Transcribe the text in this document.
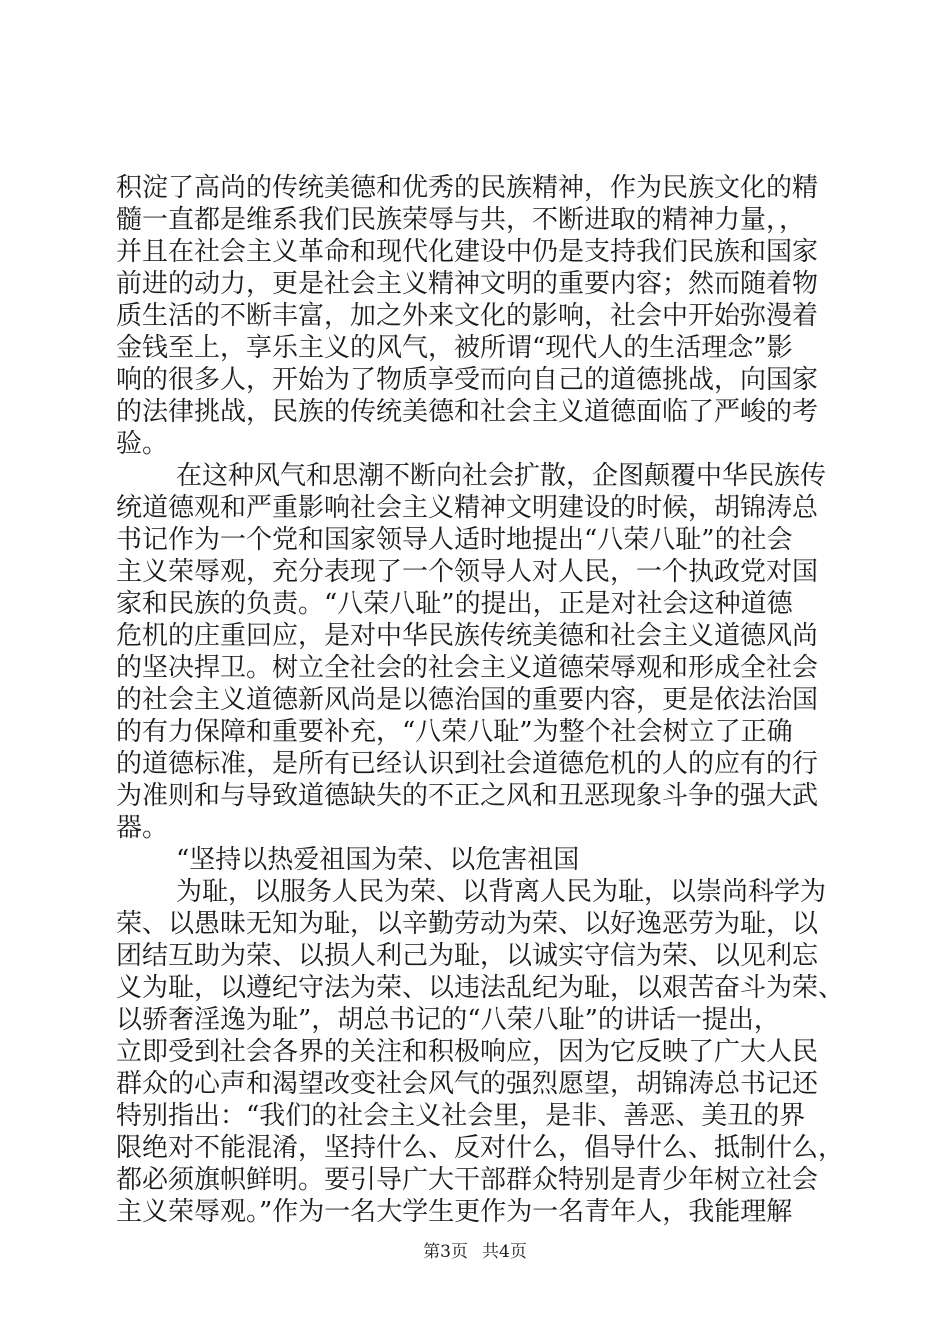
积淀了高尚的传统美德和优秀的民族精神，作为民族文化的精
髓一直都是维系我们民族荣辱与共，不断进取的精神力量，，
并且在社会主义革命和现代化建设中仍是支持我们民族和国家
前进的动力，更是社会主义精神文明的重要内容；然而随着物
质生活的不断丰富，加之外来文化的影响，社会中开始弥漫着
金钱至上，享乐主义的风气，被所谓“现代人的生活理念”影
响的很多人，开始为了物质享受而向自己的道德挑战，向国家
的法律挑战，民族的传统美德和社会主义道德面临了严峻的考
验。
在这种风气和思潮不断向社会扩散，企图颠覆中华民族传
统道德观和严重影响社会主义精神文明建设的时候，胡锦涛总
书记作为一个党和国家领导人适时地提出“八荣八耻”的社会
主义荣辱观，充分表现了一个领导人对人民，一个执政党对国
家和民族的负责。“八荣八耻”的提出，正是对社会这种道德
危机的庄重回应，是对中华民族传统美德和社会主义道德风尚
的坚决捍卫。树立全社会的社会主义道德荣辱观和形成全社会
的社会主义道德新风尚是以德治国的重要内容，更是依法治国
的有力保障和重要补充，“八荣八耻”为整个社会树立了正确
的道德标准，是所有已经认识到社会道德危机的人的应有的行
为准则和与导致道德缺失的不正之风和丑恶现象斗争的强大武
器。
“坚持以热爱祖国为荣、以危害祖国
为耻，以服务人民为荣、以背离人民为耻，以崇尚科学为
荣、以愚昧无知为耻，以辛勤劳动为荣、以好逸恶劳为耻，以
团结互助为荣、以损人利己为耻，以诚实守信为荣、以见利忘
义为耻，以遵纪守法为荣、以违法乱纪为耻，以艰苦奋斗为荣、
以骄奢淫逸为耻”，胡总书记的“八荣八耻”的讲话一提出，
立即受到社会各界的关注和积极响应，因为它反映了广大人民
群众的心声和渴望改变社会风气的强烈愿望，胡锦涛总书记还
特别指出：“我们的社会主义社会里，是非、善恶、美丑的界
限绝对不能混淆，坚持什么、反对什么，倡导什么、抵制什么，
都必须旗帜鲜明。要引导广大干部群众特别是青少年树立社会
主义荣辱观。”作为一名大学生更作为一名青年人，我能理解
第3页 共4页
